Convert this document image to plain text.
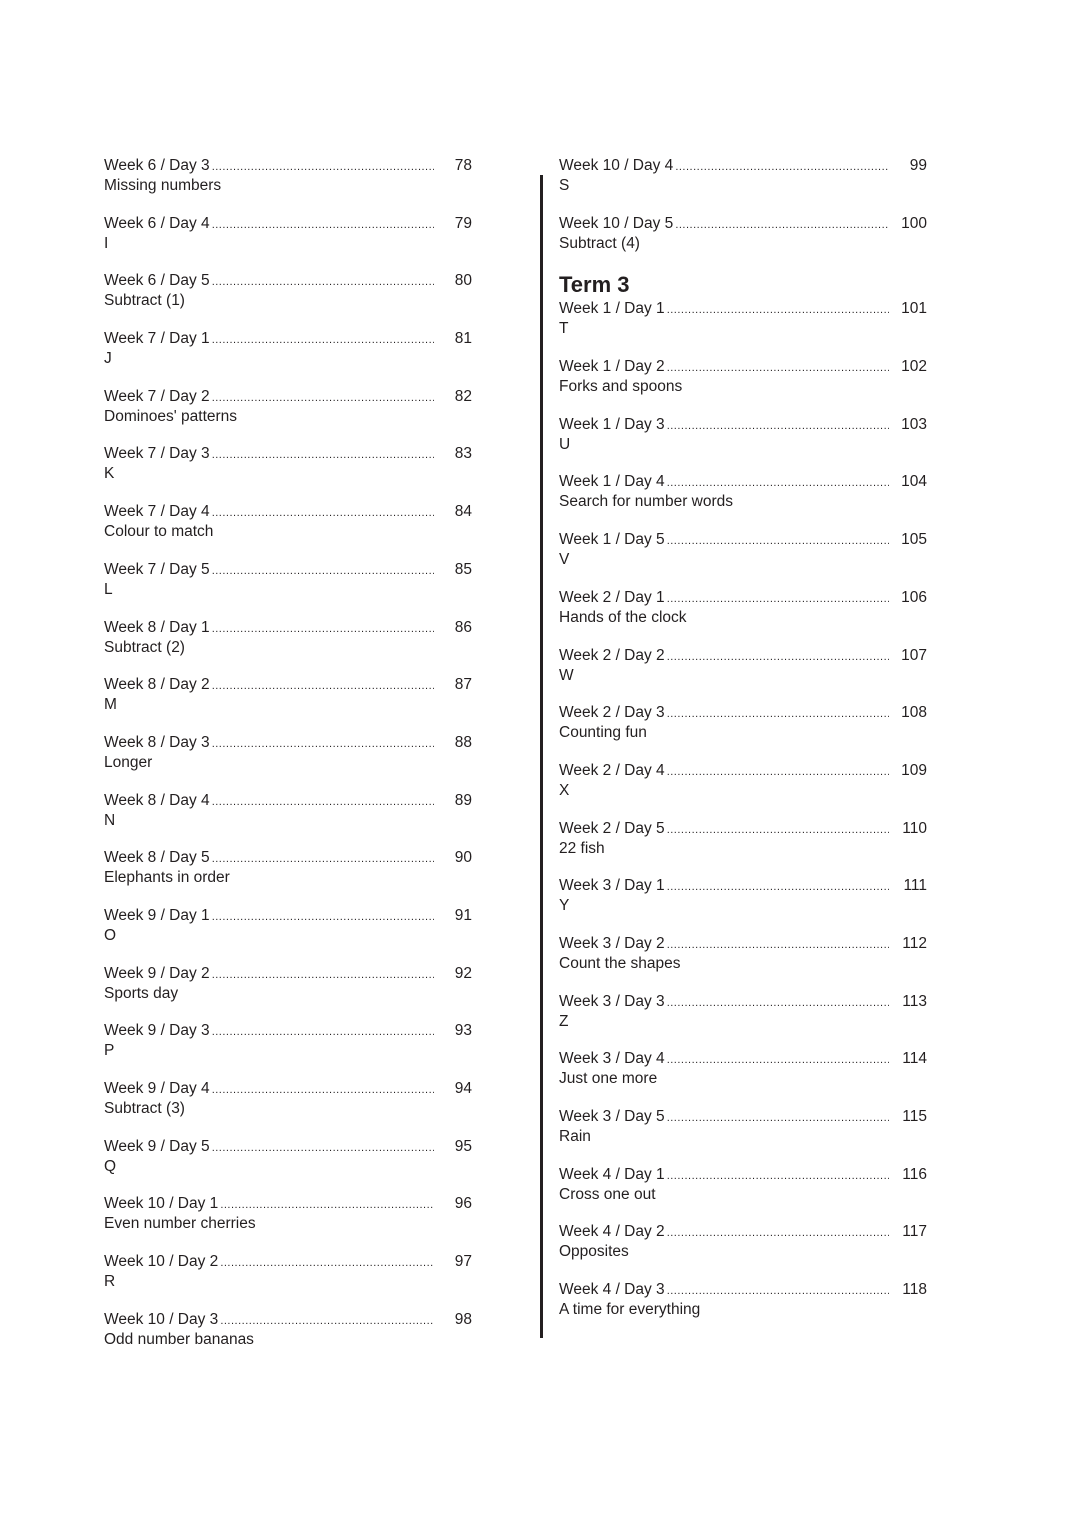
Week 6 / Day 3 .....	78
Missing numbers
Week 6 / Day 4 .....	79
I
Week 6 / Day 5 .....	80
Subtract (1)
Week 7 / Day 1 .....	81
J
Week 7 / Day 2 .....	82
Dominoes' patterns
Week 7 / Day 3 .....	83
K
Week 7 / Day 4 .....	84
Colour to match
Week 7 / Day 5 .....	85
L
Week 8 / Day 1 .....	86
Subtract (2)
Week 8 / Day 2 .....	87
M
Week 8 / Day 3 .....	88
Longer
Week 8 / Day 4 .....	89
N
Week 8 / Day 5 .....	90
Elephants in order
Week 9 / Day 1 .....	91
O
Week 9 / Day 2 .....	92
Sports day
Week 9 / Day 3 .....	93
P
Week 9 / Day 4 .....	94
Subtract (3)
Week 9 / Day 5 .....	95
Q
Week 10 / Day 1 .....	96
Even number cherries
Week 10 / Day 2 .....	97
R
Week 10 / Day 3 .....	98
Odd number bananas
Week 10 / Day 4 .....	99
S
Week 10 / Day 5 .....	100
Subtract (4)
Term 3
Week 1 / Day 1 .....	101
T
Week 1 / Day 2 .....	102
Forks and spoons
Week 1 / Day 3 .....	103
U
Week 1 / Day 4 .....	104
Search for number words
Week 1 / Day 5 .....	105
V
Week 2 / Day 1 .....	106
Hands of the clock
Week 2 / Day 2 .....	107
W
Week 2 / Day 3 .....	108
Counting fun
Week 2 / Day 4 .....	109
X
Week 2 / Day 5 .....	110
22 fish
Week 3 / Day 1 .....	111
Y
Week 3 / Day 2 .....	112
Count the shapes
Week 3 / Day 3 .....	113
Z
Week 3 / Day 4 .....	114
Just one more
Week 3 / Day 5 .....	115
Rain
Week 4 / Day 1 .....	116
Cross one out
Week 4 / Day 2 .....	117
Opposites
Week 4 / Day 3 .....	118
A time for everything
